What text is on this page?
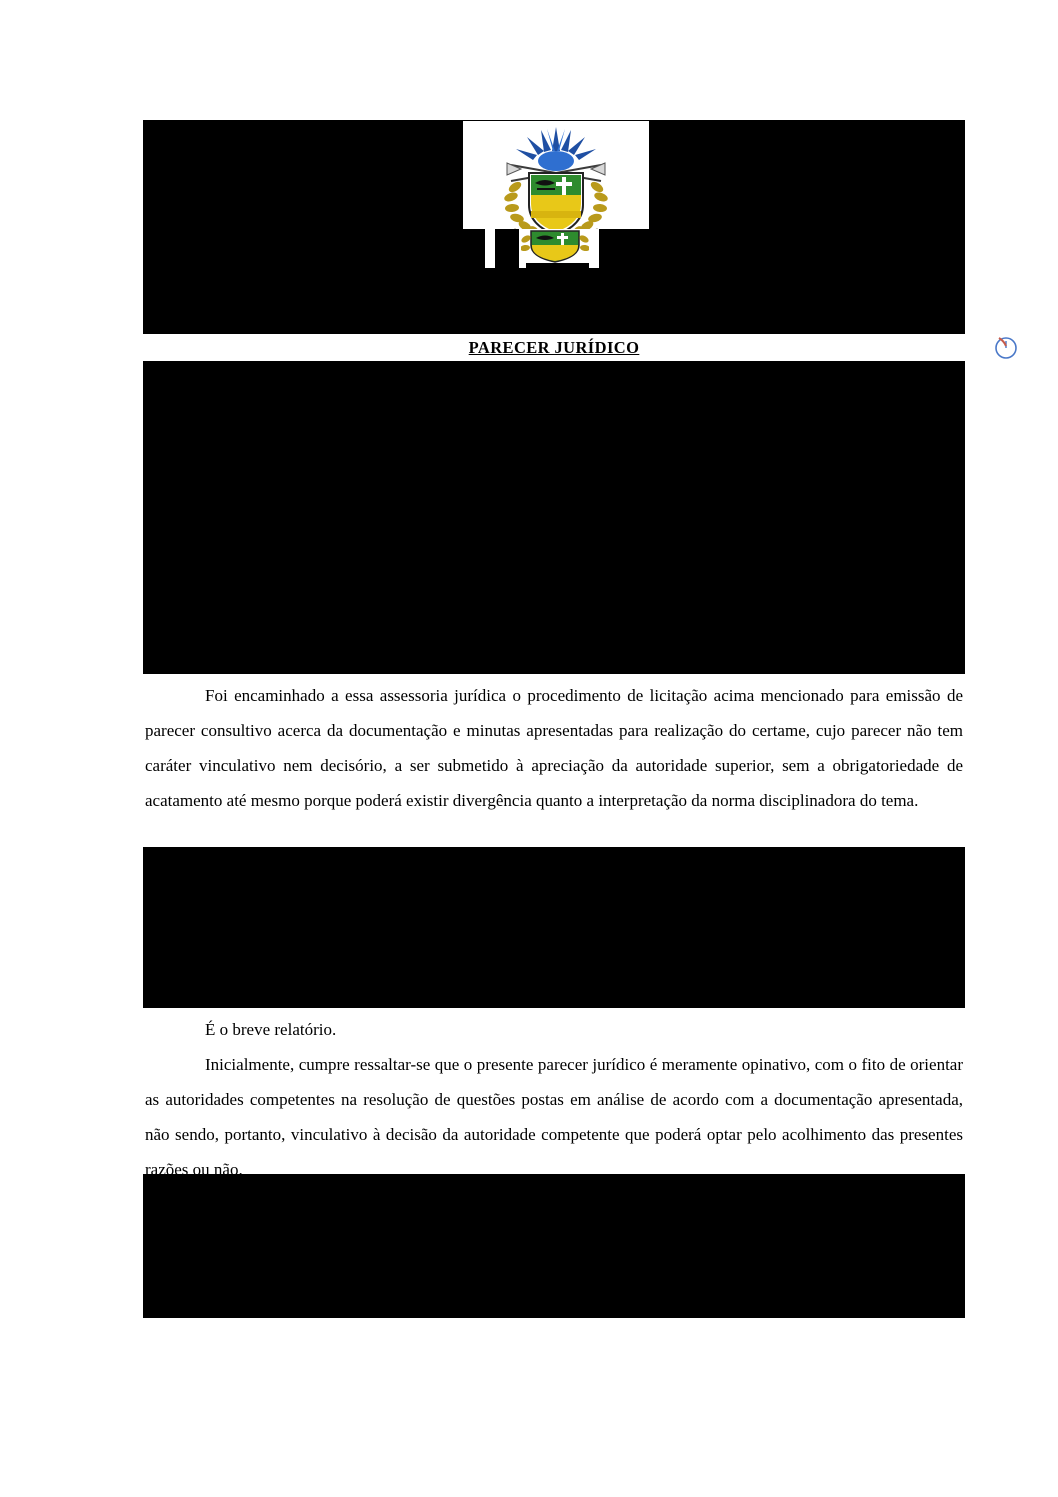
PARECER JURÍDICO

Foi encaminhado a essa assessoria jurídica o procedimento de licitação acima mencionado para emissão de parecer consultivo acerca da documentação e minutas apresentadas para realização do certame, cujo parecer não tem caráter vinculativo nem decisório, a ser submetido à apreciação da autoridade superior, sem a obrigatoriedade de acatamento até mesmo porque poderá existir divergência quanto a interpretação da norma disciplinadora do tema.

É o breve relatório.

Inicialmente, cumpre ressaltar-se que o presente parecer jurídico é meramente opinativo, com o fito de orientar as autoridades competentes na resolução de questões postas em análise de acordo com a documentação apresentada, não sendo, portanto, vinculativo à decisão da autoridade competente que poderá optar pelo acolhimento das presentes razões ou não.
